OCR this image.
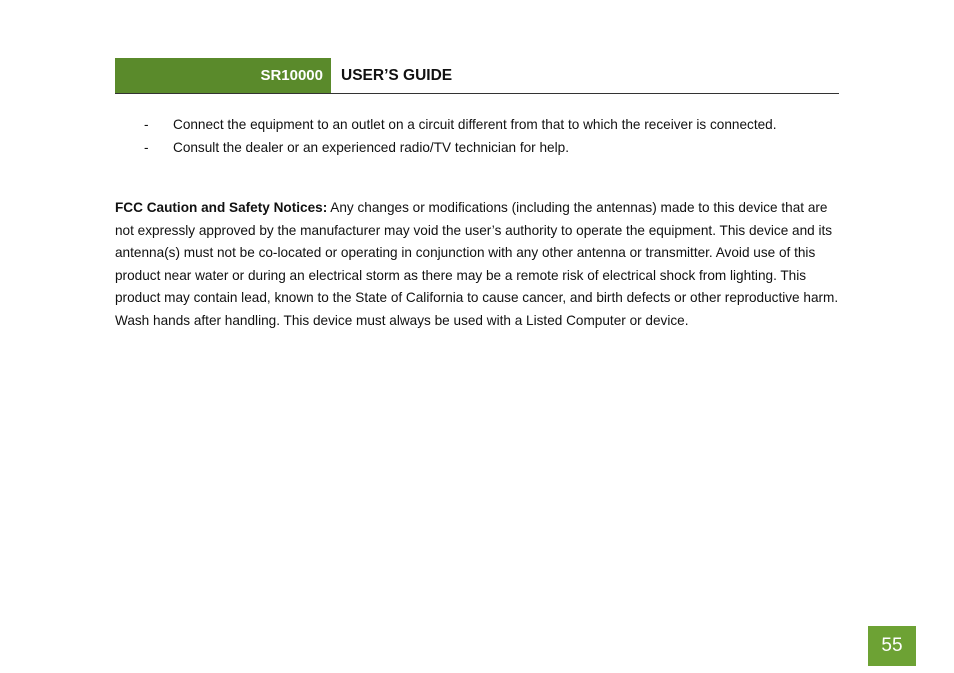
SR10000	USER’S GUIDE
- Connect the equipment to an outlet on a circuit different from that to which the receiver is connected.
- Consult the dealer or an experienced radio/TV technician for help.

FCC Caution and Safety Notices: Any changes or modifications (including the antennas) made to this device that are not expressly approved by the manufacturer may void the user’s authority to operate the equipment. This device and its antenna(s) must not be co-located or operating in conjunction with any other antenna or transmitter. Avoid use of this product near water or during an electrical storm as there may be a remote risk of electrical shock from lighting. This product may contain lead, known to the State of California to cause cancer, and birth defects or other reproductive harm. Wash hands after handling. This device must always be used with a Listed Computer or device.

55
